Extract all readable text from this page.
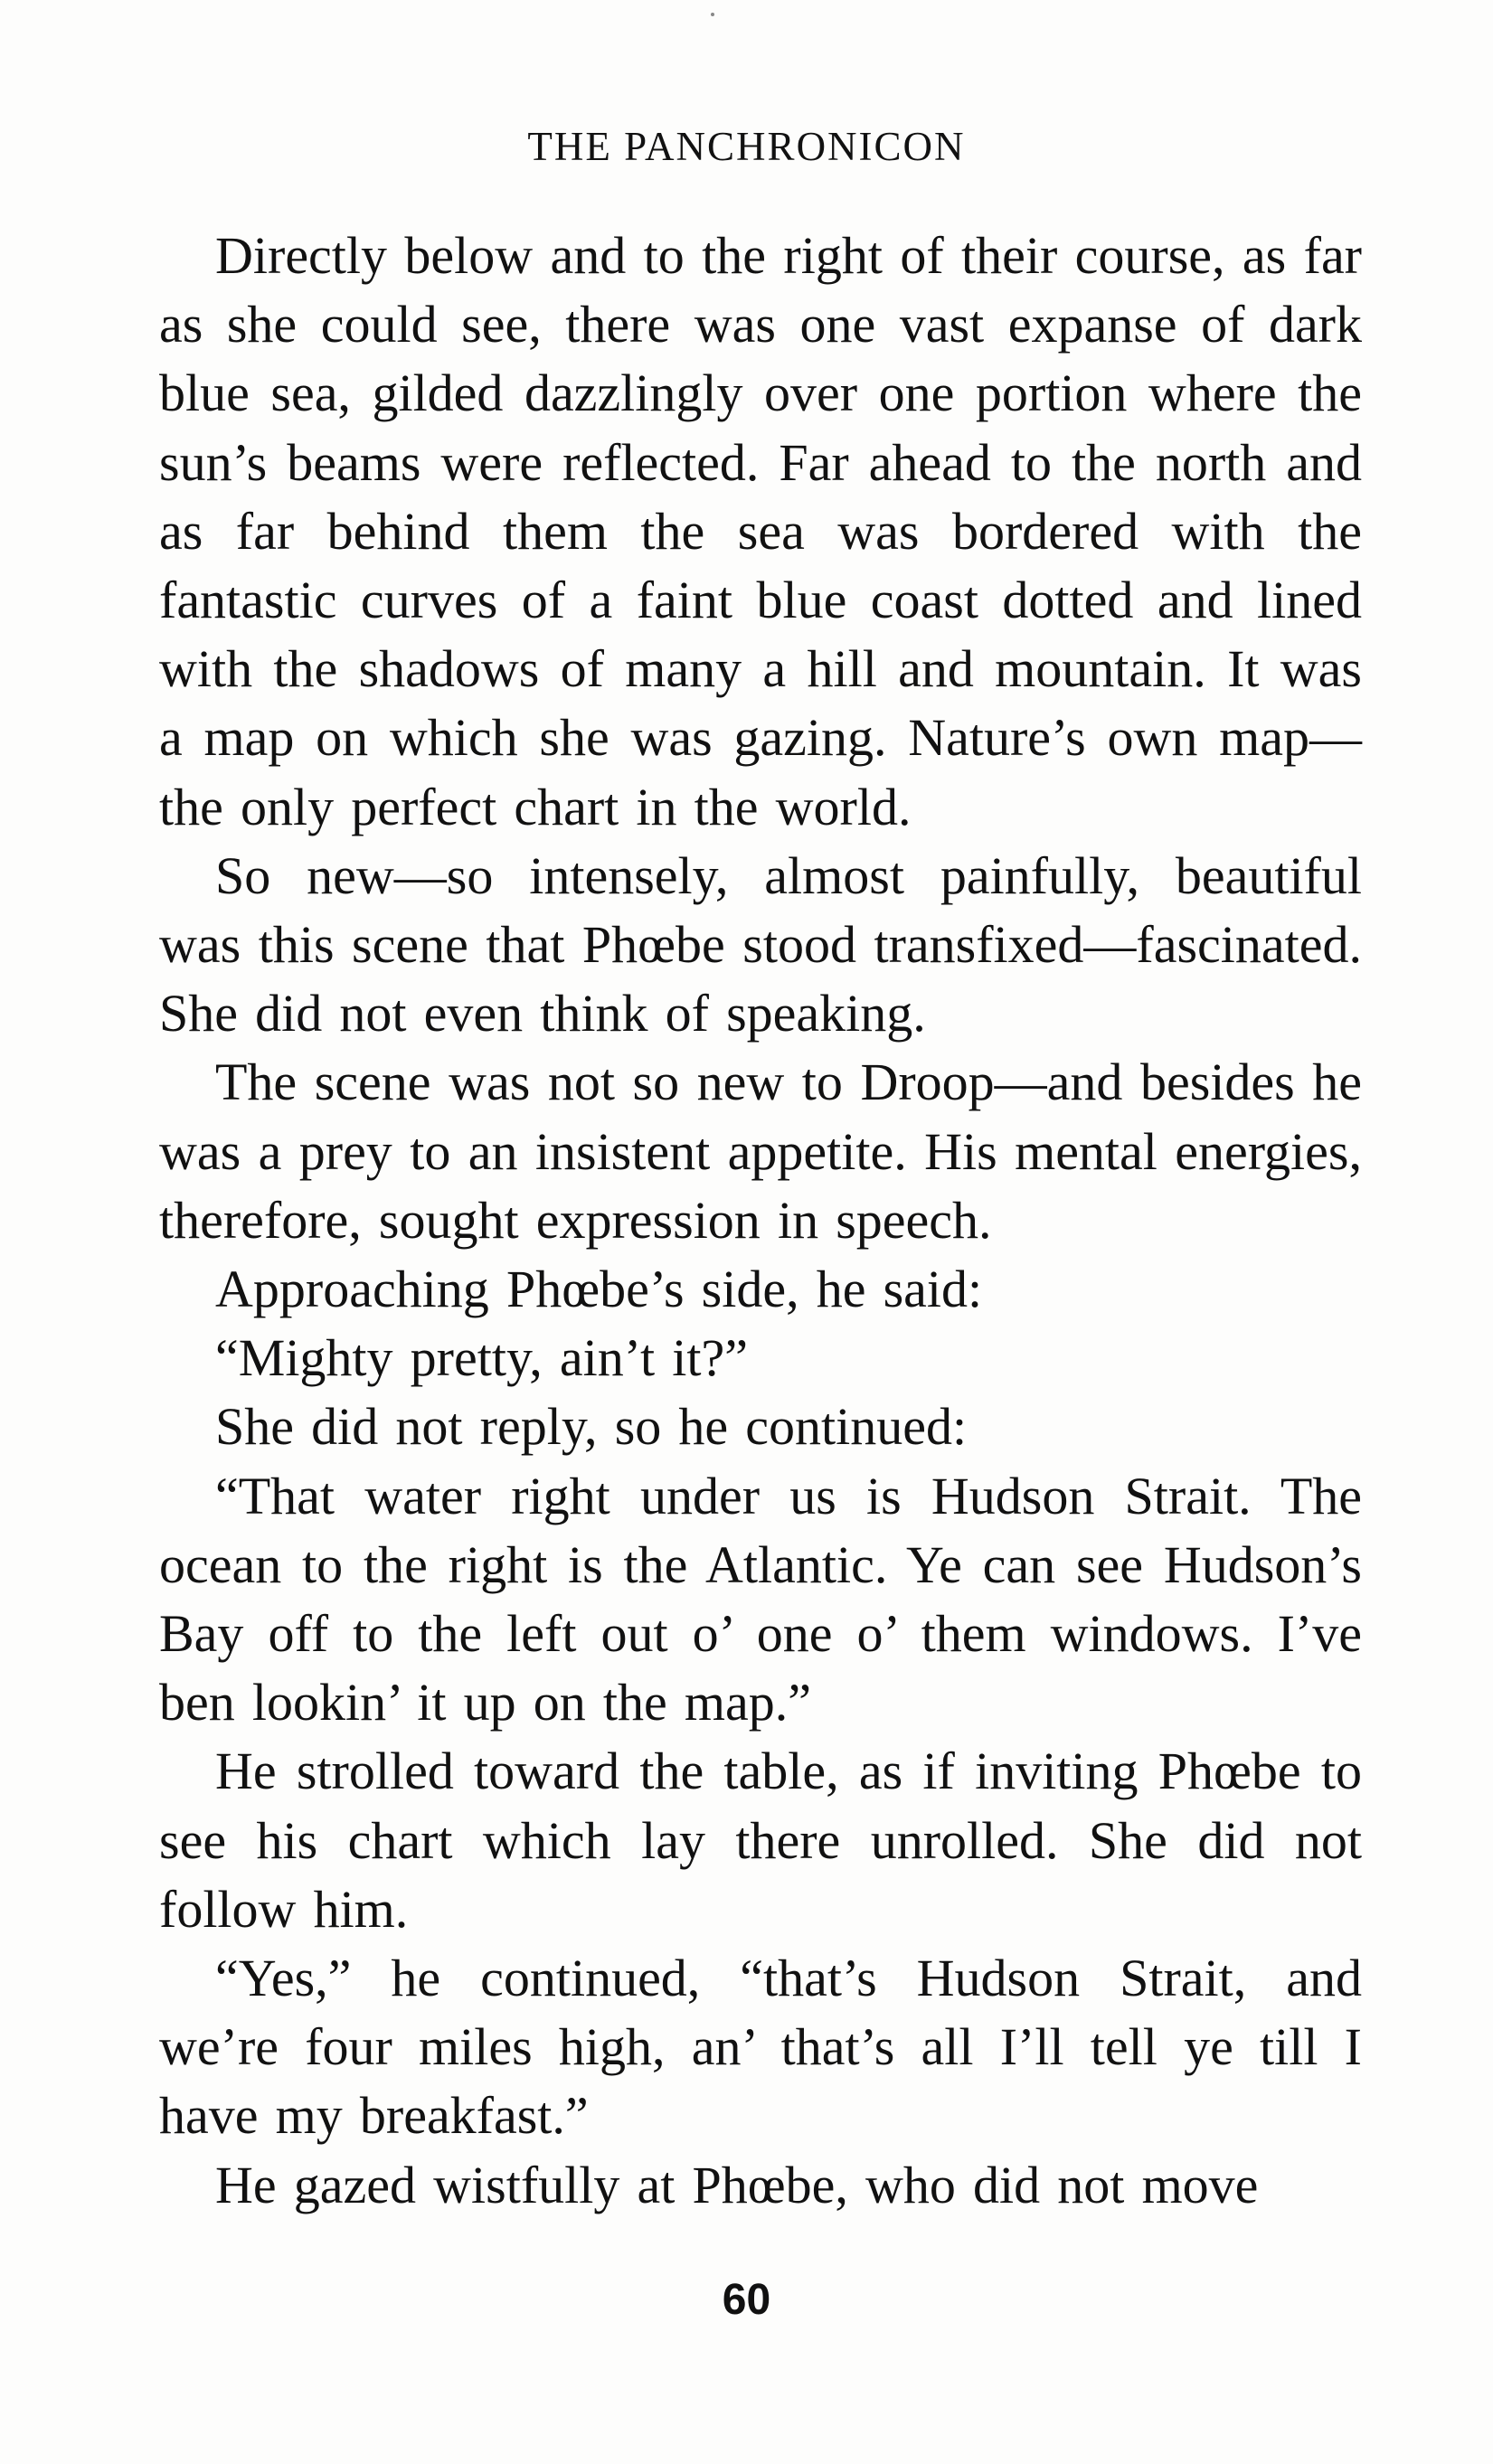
THE PANCHRONICON

Directly below and to the right of their course, as far as she could see, there was one vast expanse of dark blue sea, gilded dazzlingly over one portion where the sun’s beams were reflected. Far ahead to the north and as far behind them the sea was bordered with the fantastic curves of a faint blue coast dotted and lined with the shadows of many a hill and mountain. It was a map on which she was gazing. Nature’s own map—the only perfect chart in the world.

So new—so intensely, almost painfully, beautiful was this scene that Phœbe stood transfixed—fascinated. She did not even think of speaking.

The scene was not so new to Droop—and besides he was a prey to an insistent appetite. His mental energies, therefore, sought expression in speech.

Approaching Phœbe’s side, he said:

“Mighty pretty, ain’t it?”

She did not reply, so he continued:

“That water right under us is Hudson Strait. The ocean to the right is the Atlantic. Ye can see Hudson’s Bay off to the left out o’ one o’ them windows. I’ve ben lookin’ it up on the map.”

He strolled toward the table, as if inviting Phœbe to see his chart which lay there unrolled. She did not follow him.

“Yes,” he continued, “that’s Hudson Strait, and we’re four miles high, an’ that’s all I’ll tell ye till I have my breakfast.”

He gazed wistfully at Phœbe, who did not move

60
